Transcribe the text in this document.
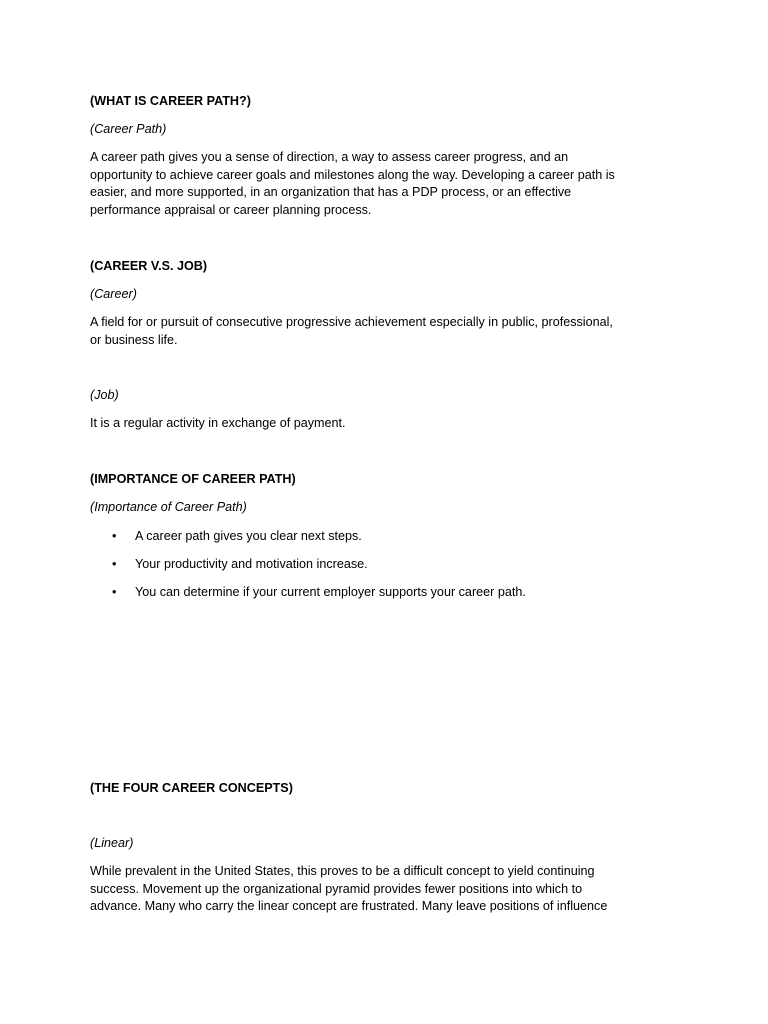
(WHAT IS CAREER PATH?)
(Career Path)
A career path gives you a sense of direction, a way to assess career progress, and an
opportunity to achieve career goals and milestones along the way. Developing a career path is
easier, and more supported, in an organization that has a PDP process, or an effective
performance appraisal or career planning process.
(CAREER V.S. JOB)
(Career)
A field for or pursuit of consecutive progressive achievement especially in public, professional,
or business life.
(Job)
It is a regular activity in exchange of payment.
(IMPORTANCE OF CAREER PATH)
(Importance of Career Path)
• A career path gives you clear next steps.
• Your productivity and motivation increase.
• You can determine if your current employer supports your career path.
(THE FOUR CAREER CONCEPTS)
(Linear)
While prevalent in the United States, this proves to be a difficult concept to yield continuing
success. Movement up the organizational pyramid provides fewer positions into which to
advance. Many who carry the linear concept are frustrated. Many leave positions of influence
